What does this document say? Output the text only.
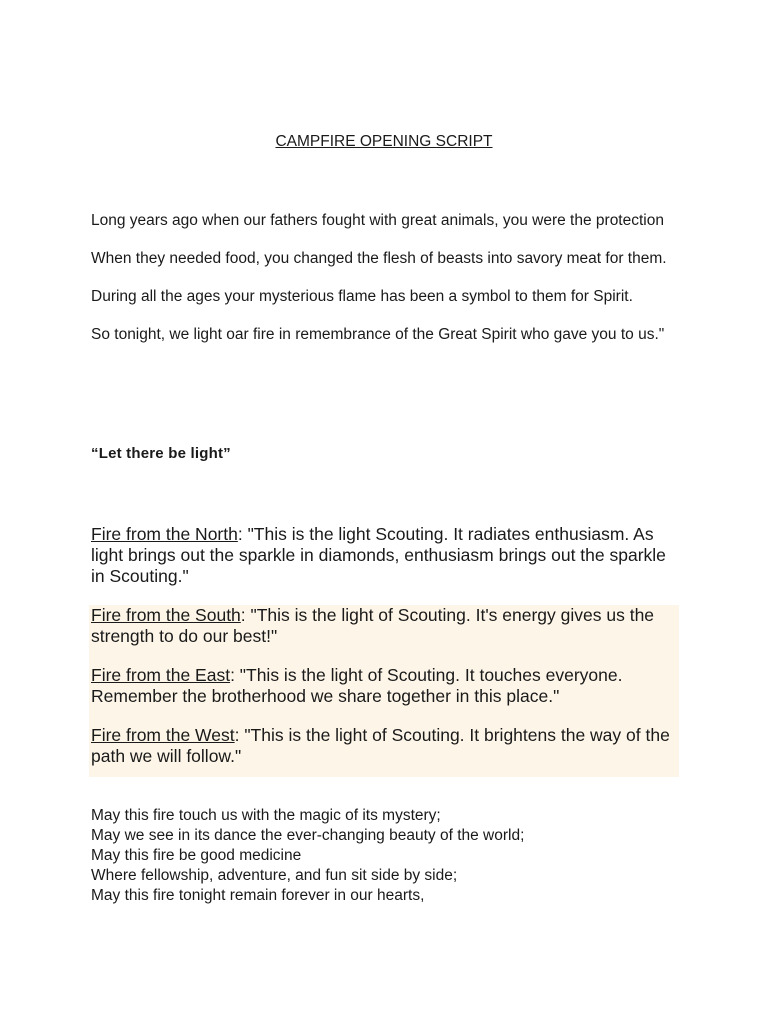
CAMPFIRE OPENING SCRIPT

Long years ago when our fathers fought with great animals, you were the protection

When they needed food, you changed the flesh of beasts into savory meat for them.

During all the ages your mysterious flame has been a symbol to them for Spirit.

So tonight, we light oar fire in remembrance of the Great Spirit who gave you to us."

“Let there be light”

Fire from the North: "This is the light Scouting. It radiates enthusiasm. As light brings out the sparkle in diamonds, enthusiasm brings out the sparkle in Scouting."

Fire from the South: "This is the light of Scouting. It's energy gives us the strength to do our best!"

Fire from the East: "This is the light of Scouting. It touches everyone. Remember the brotherhood we share together in this place."

Fire from the West: "This is the light of Scouting. It brightens the way of the path we will follow."

May this fire touch us with the magic of its mystery;
May we see in its dance the ever-changing beauty of the world;
May this fire be good medicine
Where fellowship, adventure, and fun sit side by side;
May this fire tonight remain forever in our hearts,
